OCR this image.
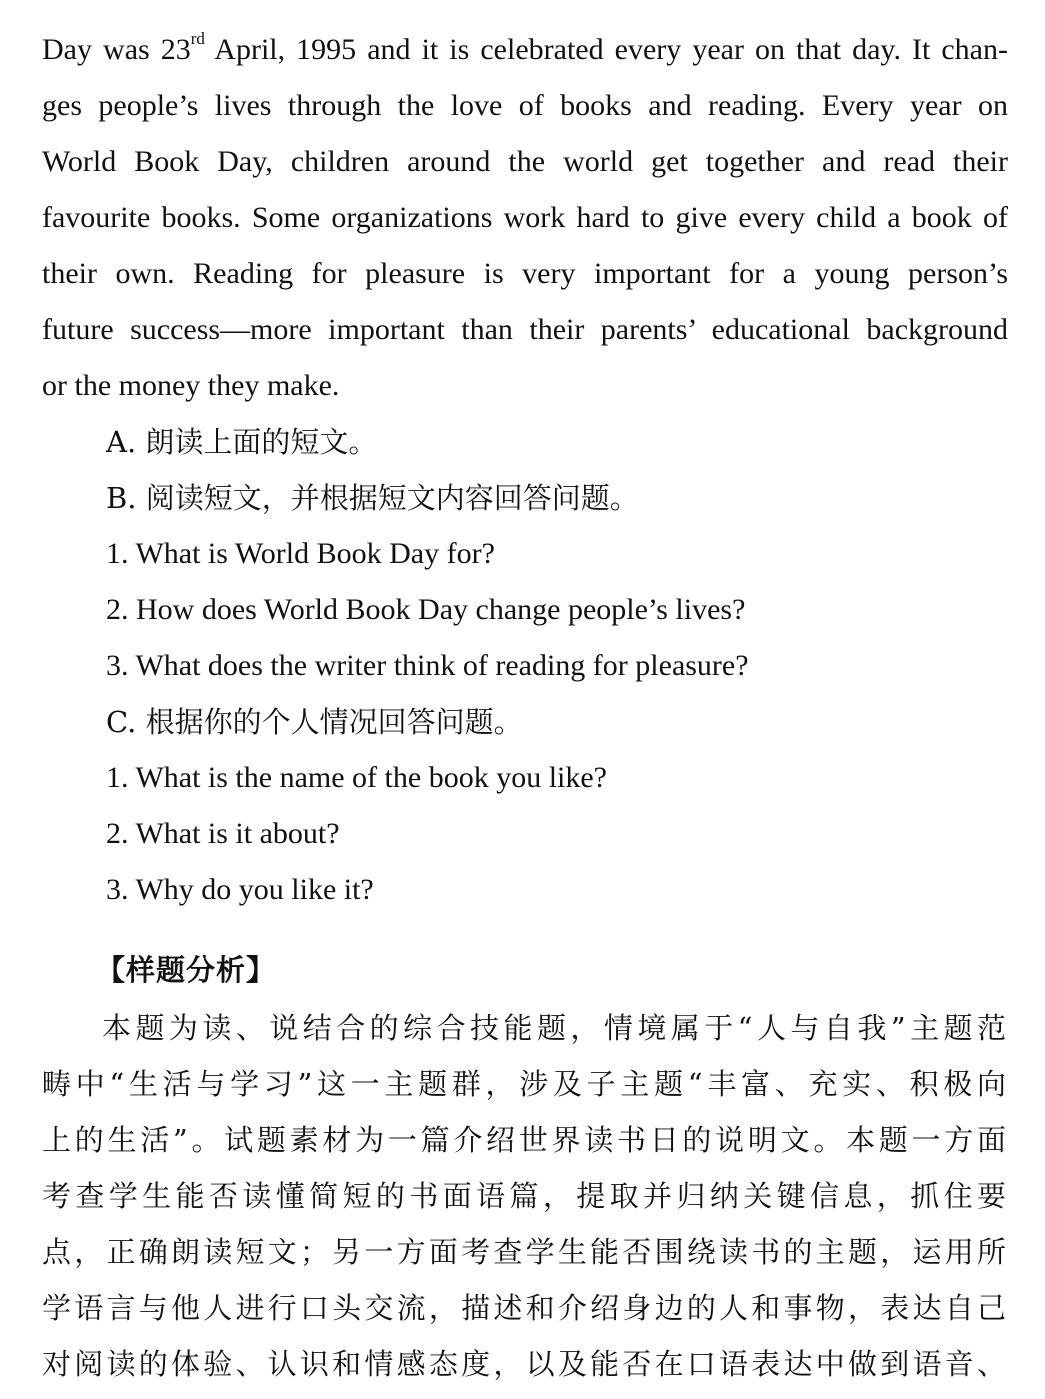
Day was 23rd April, 1995 and it is celebrated every year on that day. It chan-
ges people’s lives through the love of books and reading. Every year on
World Book Day, children around the world get together and read their
favourite books. Some organizations work hard to give every child a book of
their own. Reading for pleasure is very important for a young person’s
future success—more important than their parents’ educational background
or the money they make.
A. 朗读上面的短文。
B. 阅读短文，并根据短文内容回答问题。
1. What is World Book Day for?
2. How does World Book Day change people’s lives?
3. What does the writer think of reading for pleasure?
C. 根据你的个人情况回答问题。
1. What is the name of the book you like?
2. What is it about?
3. Why do you like it?
【样题分析】
本题为读、说结合的综合技能题，情境属于“人与自我”主题范
畴中“生活与学习”这一主题群，涉及子主题“丰富、充实、积极向
上的生活”。试题素材为一篇介绍世界读书日的说明文。本题一方面
考查学生能否读懂简短的书面语篇，提取并归纳关键信息，抓住要
点，正确朗读短文；另一方面考查学生能否围绕读书的主题，运用所
学语言与他人进行口头交流，描述和介绍身边的人和事物，表达自己
对阅读的体验、认识和情感态度，以及能否在口语表达中做到语音、
